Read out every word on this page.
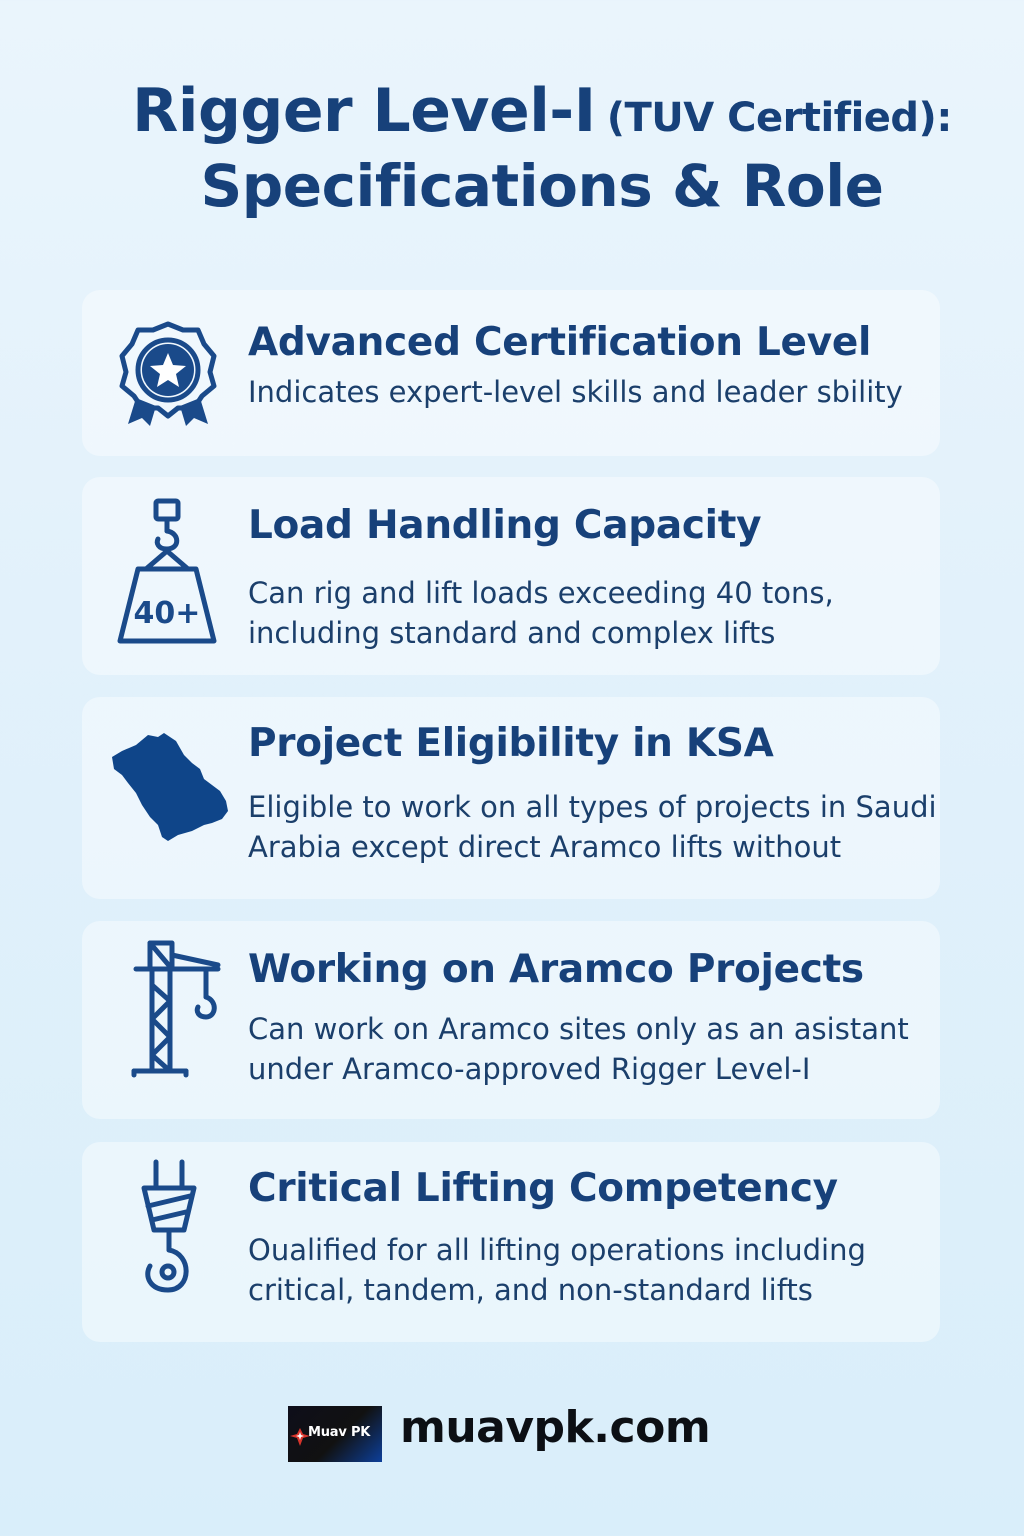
Rigger Level-I (TUV Certified):
Specifications & Role
Advanced Certification Level

Indicates expert-level skills and leader sbility

40+
Load Handling Capacity

Can rig and lift loads exceeding 40 tons,
including standard and complex lifts

Project Eligibility in KSA

Eligible to work on all types of projects in Saudi
Arabia except direct Aramco lifts without

Working on Aramco Projects

Can work on Aramco sites only as an asistant
under Aramco-approved Rigger Level-I

Critical Lifting Competency

Oualified for all lifting operations including
critical, tandem, and non-standard lifts

Muav PK muavpk.com
